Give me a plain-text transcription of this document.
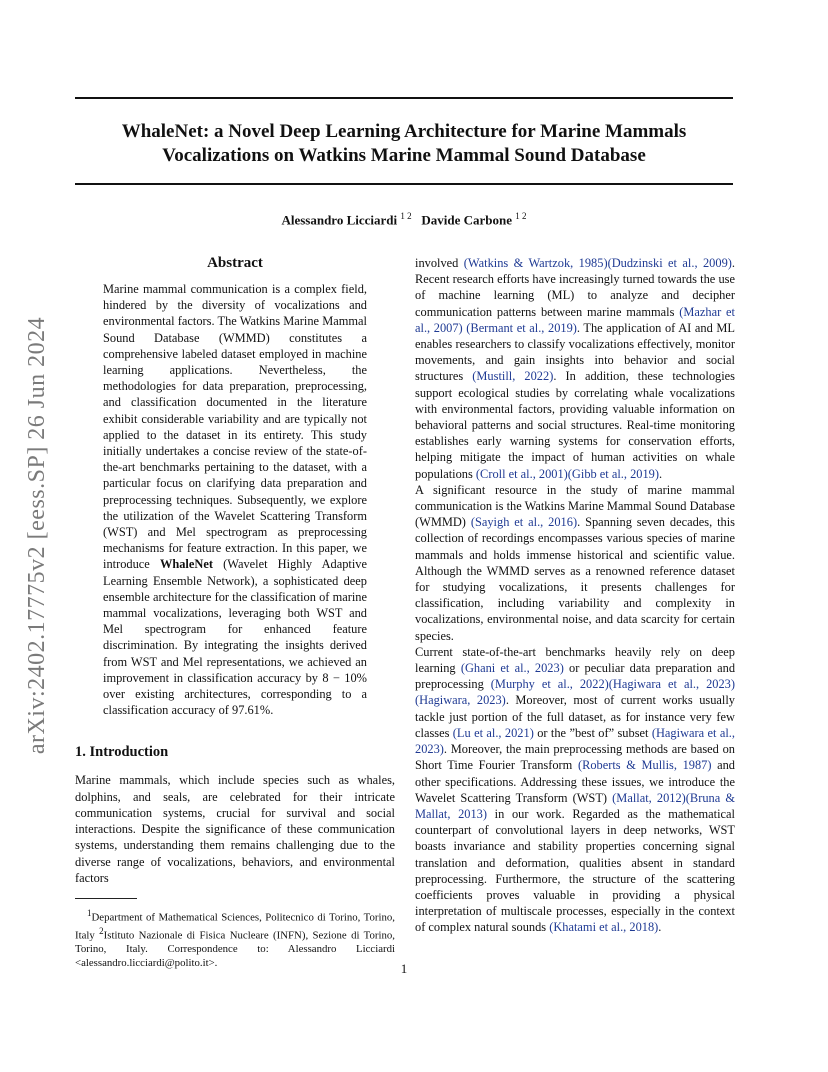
WhaleNet: a Novel Deep Learning Architecture for Marine Mammals
Vocalizations on Watkins Marine Mammal Sound Database
Alessandro Licciardi $^{1 2}$ Davide Carbone $^{1 2}$
arXiv:2402.17775v2 [eess.SP] 26 Jun 2024
Abstract

Marine mammal communication is a complex field, hindered by the diversity of vocalizations and environmental factors. The Watkins Marine Mammal Sound Database (WMMD) constitutes a comprehensive labeled dataset employed in machine learning applications. Nevertheless, the methodologies for data preparation, preprocessing, and classification documented in the literature exhibit considerable variability and are typically not applied to the dataset in its entirety. This study initially undertakes a concise review of the state-of-the-art benchmarks pertaining to the dataset, with a particular focus on clarifying data preparation and preprocessing techniques. Subsequently, we explore the utilization of the Wavelet Scattering Transform (WST) and Mel spectrogram as preprocessing mechanisms for feature extraction. In this paper, we introduce WhaleNet (Wavelet Highly Adaptive Learning Ensemble Network), a sophisticated deep ensemble architecture for the classification of marine mammal vocalizations, leveraging both WST and Mel spectrogram for enhanced feature discrimination. By integrating the insights derived from WST and Mel representations, we achieved an improvement in classification accuracy by 8 − 10% over existing architectures, corresponding to a classification accuracy of 97.61%.

1. Introduction

Marine mammals, which include species such as whales, dolphins, and seals, are celebrated for their intricate communication systems, crucial for survival and social interactions. Despite the significance of these communication systems, understanding them remains challenging due to the diverse range of vocalizations, behaviors, and environmental factors

$^1$Department of Mathematical Sciences, Politecnico di Torino, Torino, Italy $^2$Istituto Nazionale di Fisica Nucleare (INFN), Sezione di Torino, Torino, Italy. Correspondence to: Alessandro Licciardi <alessandro.licciardi@polito.it>.

involved (Watkins & Wartzok, 1985)(Dudzinski et al., 2009). Recent research efforts have increasingly turned towards the use of machine learning (ML) to analyze and decipher communication patterns between marine mammals (Mazhar et al., 2007) (Bermant et al., 2019). The application of AI and ML enables researchers to classify vocalizations effectively, monitor movements, and gain insights into behavior and social structures (Mustill, 2022). In addition, these technologies support ecological studies by correlating whale vocalizations with environmental factors, providing valuable information on behavioral patterns and social structures. Real-time monitoring establishes early warning systems for conservation efforts, helping mitigate the impact of human activities on whale populations (Croll et al., 2001)(Gibb et al., 2019).

A significant resource in the study of marine mammal communication is the Watkins Marine Mammal Sound Database (WMMD) (Sayigh et al., 2016). Spanning seven decades, this collection of recordings encompasses various species of marine mammals and holds immense historical and scientific value. Although the WMMD serves as a renowned reference dataset for studying vocalizations, it presents challenges for classification, including variability and complexity in vocalizations, environmental noise, and data scarcity for certain species.

Current state-of-the-art benchmarks heavily rely on deep learning (Ghani et al., 2023) or peculiar data preparation and preprocessing (Murphy et al., 2022)(Hagiwara et al., 2023)(Hagiwara, 2023). Moreover, most of current works usually tackle just portion of the full dataset, as for instance very few classes (Lu et al., 2021) or the ”best of” subset (Hagiwara et al., 2023). Moreover, the main preprocessing methods are based on Short Time Fourier Transform (Roberts & Mullis, 1987) and other specifications. Addressing these issues, we introduce the Wavelet Scattering Transform (WST) (Mallat, 2012)(Bruna & Mallat, 2013) in our work. Regarded as the mathematical counterpart of convolutional layers in deep networks, WST boasts invariance and stability properties concerning signal translation and deformation, qualities absent in standard preprocessing. Furthermore, the structure of the scattering coefficients proves valuable in providing a physical interpretation of multiscale processes, especially in the context of complex natural sounds (Khatami et al., 2018).

1
